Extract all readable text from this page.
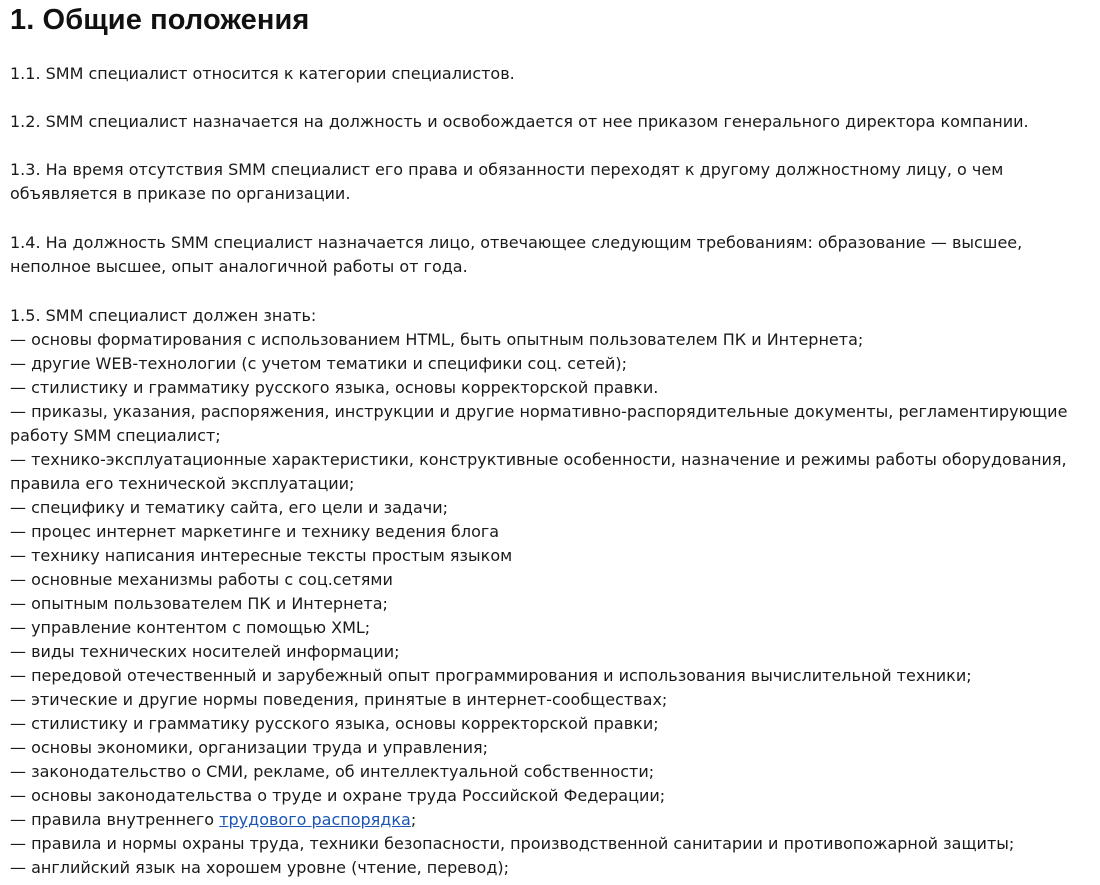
1. Общие положения

1.1. SMM специалист относится к категории специалистов.

1.2. SMM специалист назначается на должность и освобождается от нее приказом генерального директора компании.

1.3. На время отсутствия SMM специалист его права и обязанности переходят к другому должностному лицу, о чем объявляется в приказе по организации.

1.4. На должность SMM специалист назначается лицо, отвечающее следующим требованиям: образование — высшее, неполное высшее, опыт аналогичной работы от года.

1.5. SMM специалист должен знать:
— основы форматирования с использованием HTML, быть опытным пользователем ПК и Интернета;
— другие WEB-технологии (с учетом тематики и специфики соц. сетей);
— стилистику и грамматику русского языка, основы корректорской правки.
— приказы, указания, распоряжения, инструкции и другие нормативно-распорядительные документы, регламентирующие работу SMM специалист;
— технико-эксплуатационные характеристики, конструктивные особенности, назначение и режимы работы оборудования, правила его технической эксплуатации;
— специфику и тематику сайта, его цели и задачи;
— процес интернет маркетинге и технику ведения блога
— технику написания интересные тексты простым языком
— основные механизмы работы с соц.сетями
— опытным пользователем ПК и Интернета;
— управление контентом с помощью XML;
— виды технических носителей информации;
— передовой отечественный и зарубежный опыт программирования и использования вычислительной техники;
— этические и другие нормы поведения, принятые в интернет-сообществах;
— стилистику и грамматику русского языка, основы корректорской правки;
— основы экономики, организации труда и управления;
— законодательство о СМИ, рекламе, об интеллектуальной собственности;
— основы законодательства о труде и охране труда Российской Федерации;
— правила внутреннего трудового распорядка;
— правила и нормы охраны труда, техники безопасности, производственной санитарии и противопожарной защиты;
— английский язык на хорошем уровне (чтение, перевод);
